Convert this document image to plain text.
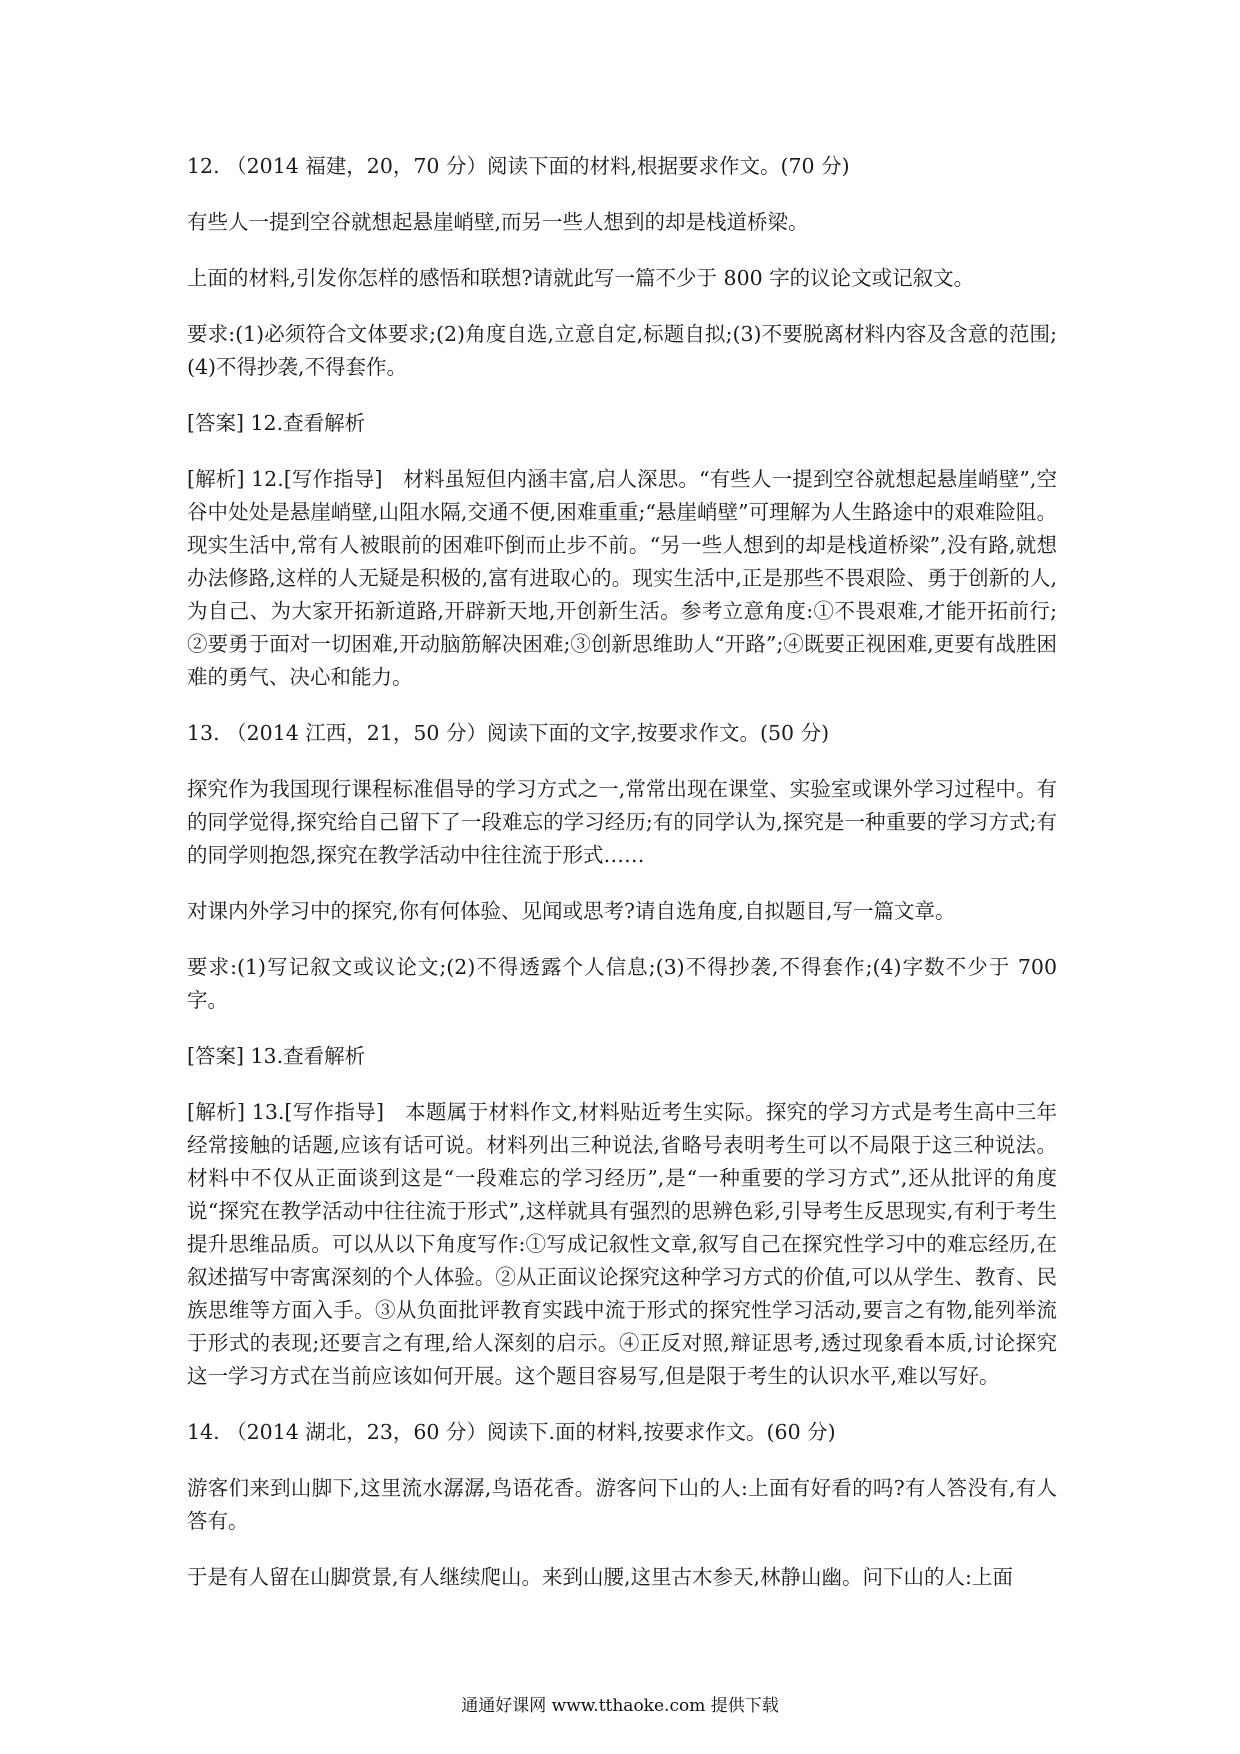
12. （2014 福建，20，70 分）阅读下面的材料,根据要求作文。(70 分)

有些人一提到空谷就想起悬崖峭壁,而另一些人想到的却是栈道桥梁。

上面的材料,引发你怎样的感悟和联想?请就此写一篇不少于 800 字的议论文或记叙文。

要求:(1)必须符合文体要求;(2)角度自选,立意自定,标题自拟;(3)不要脱离材料内容及含意的范围;(4)不得抄袭,不得套作。

[答案] 12.查看解析

[解析] 12.[写作指导]　材料虽短但内涵丰富,启人深思。“有些人一提到空谷就想起悬崖峭壁”,空谷中处处是悬崖峭壁,山阻水隔,交通不便,困难重重;“悬崖峭壁”可理解为人生路途中的艰难险阻。现实生活中,常有人被眼前的困难吓倒而止步不前。“另一些人想到的却是栈道桥梁”,没有路,就想办法修路,这样的人无疑是积极的,富有进取心的。现实生活中,正是那些不畏艰险、勇于创新的人,为自己、为大家开拓新道路,开辟新天地,开创新生活。参考立意角度:①不畏艰难,才能开拓前行;②要勇于面对一切困难,开动脑筋解决困难;③创新思维助人“开路”;④既要正视困难,更要有战胜困难的勇气、决心和能力。

13. （2014 江西，21，50 分）阅读下面的文字,按要求作文。(50 分)

探究作为我国现行课程标准倡导的学习方式之一,常常出现在课堂、实验室或课外学习过程中。有的同学觉得,探究给自己留下了一段难忘的学习经历;有的同学认为,探究是一种重要的学习方式;有的同学则抱怨,探究在教学活动中往往流于形式……

对课内外学习中的探究,你有何体验、见闻或思考?请自选角度,自拟题目,写一篇文章。

要求:(1)写记叙文或议论文;(2)不得透露个人信息;(3)不得抄袭,不得套作;(4)字数不少于 700 字。

[答案] 13.查看解析

[解析] 13.[写作指导]　本题属于材料作文,材料贴近考生实际。探究的学习方式是考生高中三年经常接触的话题,应该有话可说。材料列出三种说法,省略号表明考生可以不局限于这三种说法。材料中不仅从正面谈到这是“一段难忘的学习经历”,是“一种重要的学习方式”,还从批评的角度说“探究在教学活动中往往流于形式”,这样就具有强烈的思辨色彩,引导考生反思现实,有利于考生提升思维品质。可以从以下角度写作:①写成记叙性文章,叙写自己在探究性学习中的难忘经历,在叙述描写中寄寓深刻的个人体验。②从正面议论探究这种学习方式的价值,可以从学生、教育、民族思维等方面入手。③从负面批评教育实践中流于形式的探究性学习活动,要言之有物,能列举流于形式的表现;还要言之有理,给人深刻的启示。④正反对照,辩证思考,透过现象看本质,讨论探究这一学习方式在当前应该如何开展。这个题目容易写,但是限于考生的认识水平,难以写好。

14. （2014 湖北，23，60 分）阅读下.面的材料,按要求作文。(60 分)

游客们来到山脚下,这里流水潺潺,鸟语花香。游客问下山的人:上面有好看的吗?有人答没有,有人答有。

于是有人留在山脚赏景,有人继续爬山。来到山腰,这里古木参天,林静山幽。问下山的人:上面

通通好课网 www.tthaoke.com 提供下载
